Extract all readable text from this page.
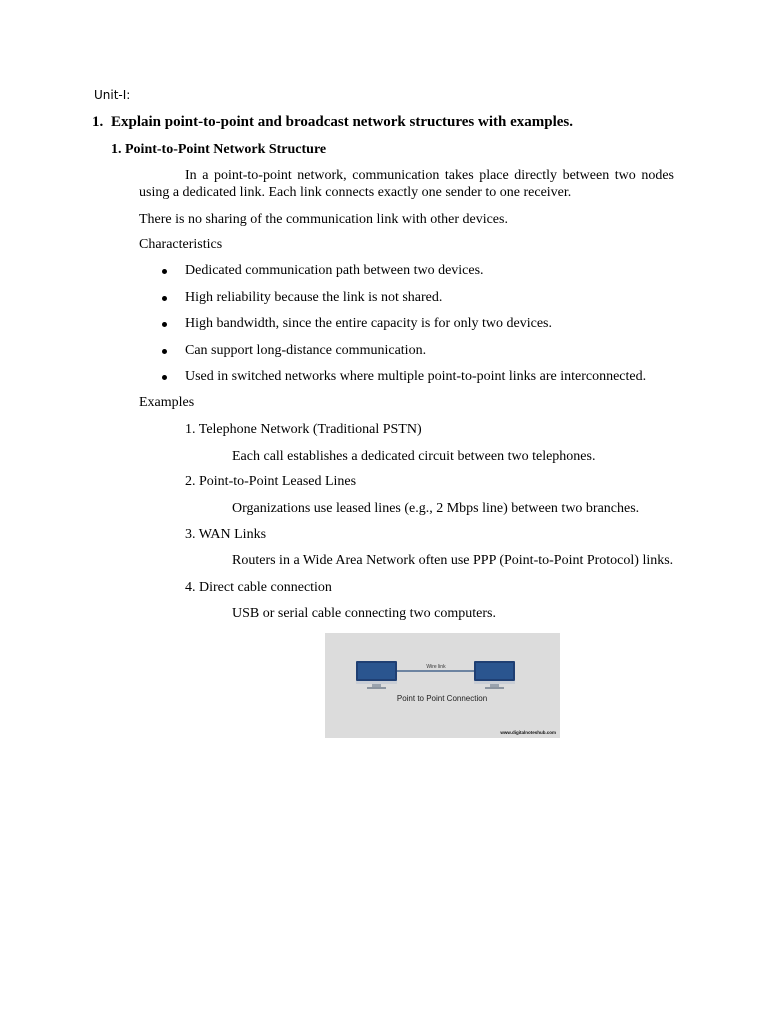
Unit-I:
1. Explain point-to-point and broadcast network structures with examples.
1. Point-to-Point Network Structure
In a point-to-point network, communication takes place directly between two nodes using a dedicated link. Each link connects exactly one sender to one receiver.
There is no sharing of the communication link with other devices.
Characteristics
Dedicated communication path between two devices.
High reliability because the link is not shared.
High bandwidth, since the entire capacity is for only two devices.
Can support long-distance communication.
Used in switched networks where multiple point-to-point links are interconnected.
Examples
1. Telephone Network (Traditional PSTN)
Each call establishes a dedicated circuit between two telephones.
2. Point-to-Point Leased Lines
Organizations use leased lines (e.g., 2 Mbps line) between two branches.
3. WAN Links
Routers in a Wide Area Network often use PPP (Point-to-Point Protocol) links.
4. Direct cable connection
USB or serial cable connecting two computers.
Wire link
Point to Point Connection
www.digitalnoteshub.com
